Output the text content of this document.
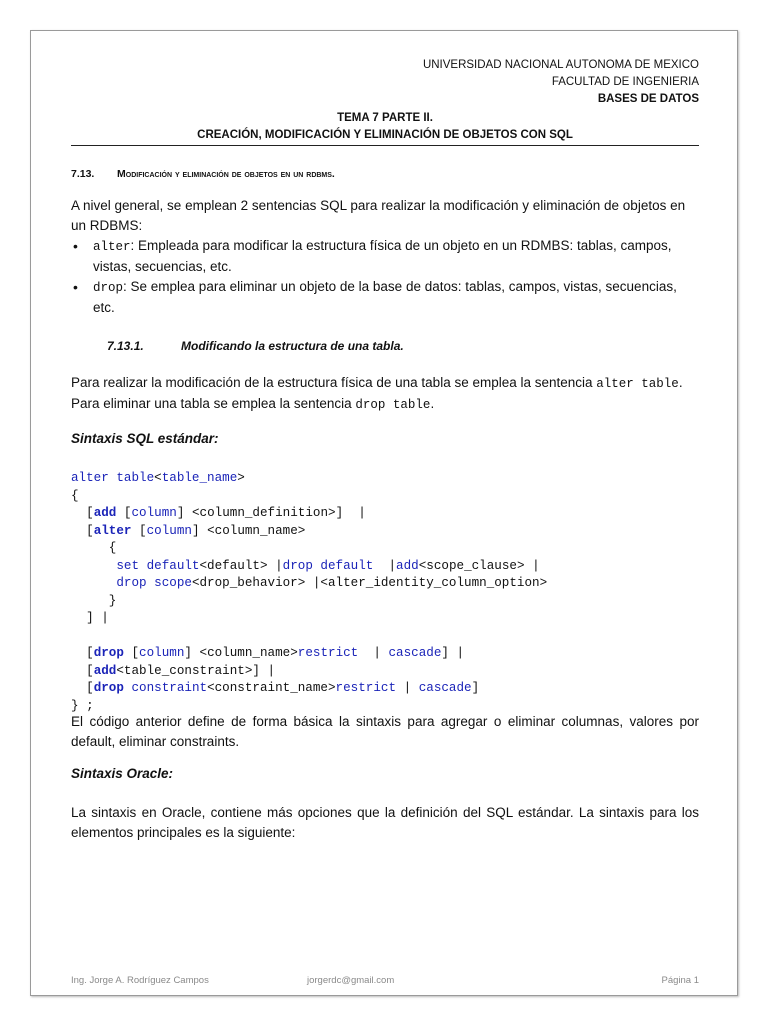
UNIVERSIDAD NACIONAL AUTONOMA DE MEXICO
FACULTAD DE INGENIERIA
BASES DE DATOS
TEMA 7 PARTE II.
CREACIÓN, MODIFICACIÓN Y ELIMINACIÓN DE OBJETOS CON SQL
7.13. Modificación y eliminación de objetos en un rdbms.
A nivel general, se emplean 2 sentencias SQL para realizar la modificación y eliminación de objetos en un RDBMS:
• alter: Empleada para modificar la estructura física de un objeto en un RDMBS: tablas, campos, vistas, secuencias, etc.
• drop: Se emplea para eliminar un objeto de la base de datos: tablas, campos, vistas, secuencias, etc.
7.13.1.	Modificando la estructura de una tabla.
Para realizar la modificación de la estructura física de una tabla se emplea la sentencia alter table.
Para eliminar una tabla se emplea la sentencia drop table.
Sintaxis SQL estándar:
alter table<table_name>
{
[add [column] <column_definition>]  |
[alter [column] <column_name>
{
set default<default> |drop default  |add<scope_clause> |
drop scope<drop_behavior> |<alter_identity_column_option>
}
] |

[drop [column] <column_name>restrict  | cascade] |
[add<table_constraint>] |
[drop constraint<constraint_name>restrict | cascade]
} ;
El código anterior define de forma básica la sintaxis para agregar o eliminar columnas, valores por default, eliminar constraints.
Sintaxis Oracle:
La sintaxis en Oracle, contiene más opciones que la definición del SQL estándar. La sintaxis para los elementos principales es la siguiente:
Ing. Jorge A. Rodríguez Campos	jorgerdc@gmail.com	Página 1
